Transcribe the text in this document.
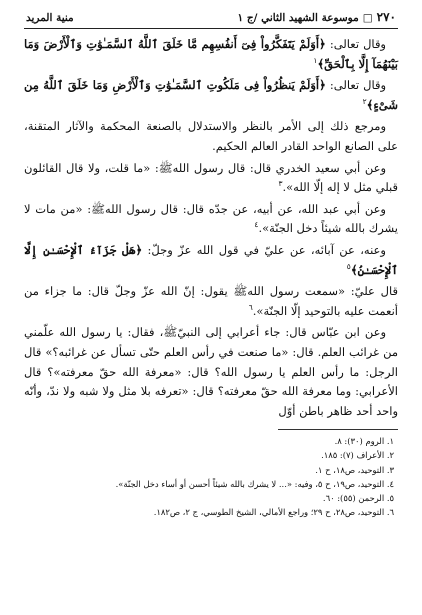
٢٧٠
□
موسوعة الشهيد الثاني /ج ١
منية المريد

وقال تعالى: ﴿أَوَلَمْ يَتَفَكَّرُواْ فِىٓ أَنفُسِهِم مَّا خَلَقَ ٱللَّهُ ٱلسَّمَـٰوَٰتِ وَٱلْأَرْضَ وَمَا بَيْنَهُمَآ إِلَّا بِٱلْحَقِّ﴾$^١$

وقال تعالى: ﴿أَوَلَمْ يَنظُرُواْ فِى مَلَكُوتِ ٱلسَّمَـٰوَٰتِ وَٱلْأَرْضِ وَمَا خَلَقَ ٱللَّهُ مِن شَىْءٍ﴾$^٢$

ومرجع ذلك إلى الأمر بالنظر والاستدلال بالصنعة المحكمة والآثار المتقنة، على الصانع الواحد القادر العالم الحكيم.

وعن أبي سعيد الخدري قال: قال رسول اللهﷺ: «ما قلت، ولا قال القائلون قبلي مثل لا إله إلّا الله».$^٣$

وعن أبي عبد الله، عن أبيه، عن جدّه قال: قال رسول اللهﷺ: «من مات لا يشرك بالله شيئاً دخل الجنّة».$^٤$

وعنه، عن آبائه، عن عليّ في قول الله عزّ وجلّ: ﴿هَلْ جَزَآءُ ٱلْإِحْسَـٰنِ إِلَّا ٱلْإِحْسَـٰنُ﴾$^٥$

قال عليّ: «سمعت رسول اللهﷺ يقول: إنّ الله عزّ وجلّ قال: ما جزاء من أنعمت عليه بالتوحيد إلّا الجنّة».$^٦$

وعن ابن عبّاس قال: جاء أعرابي إلى النبيّﷺ، فقال: يا رسول الله علّمني من غرائب العلم. قال: «ما صنعت في رأس العلم حتّى تسأل عن غرائبه؟» قال الرجل: ما رأس العلم يا رسول الله؟ قال: «معرفة الله حقّ معرفته»؟ قال الأعرابي: وما معرفة الله حقّ معرفته؟ قال: «تعرفه بلا مثل ولا شبه ولا ندّ، وأنّه واحد أحد ظاهر باطن أوّل

١. الروم (٣٠): ٨.
٢. الأعراف (٧): ١٨٥.
٣. التوحيد، ص١٨، ح ١.
٤. التوحيد، ص١٩، ح ٥، وفيه: «... لا يشرك بالله شيئاً أحسن أو أساء دخل الجنّة».
٥. الرحمن (٥٥): ٦٠.
٦. التوحيد، ص٢٨، ح ٢٩؛ وراجع الأمالي، الشيخ الطوسي، ج ٢، ص١٨٢.
